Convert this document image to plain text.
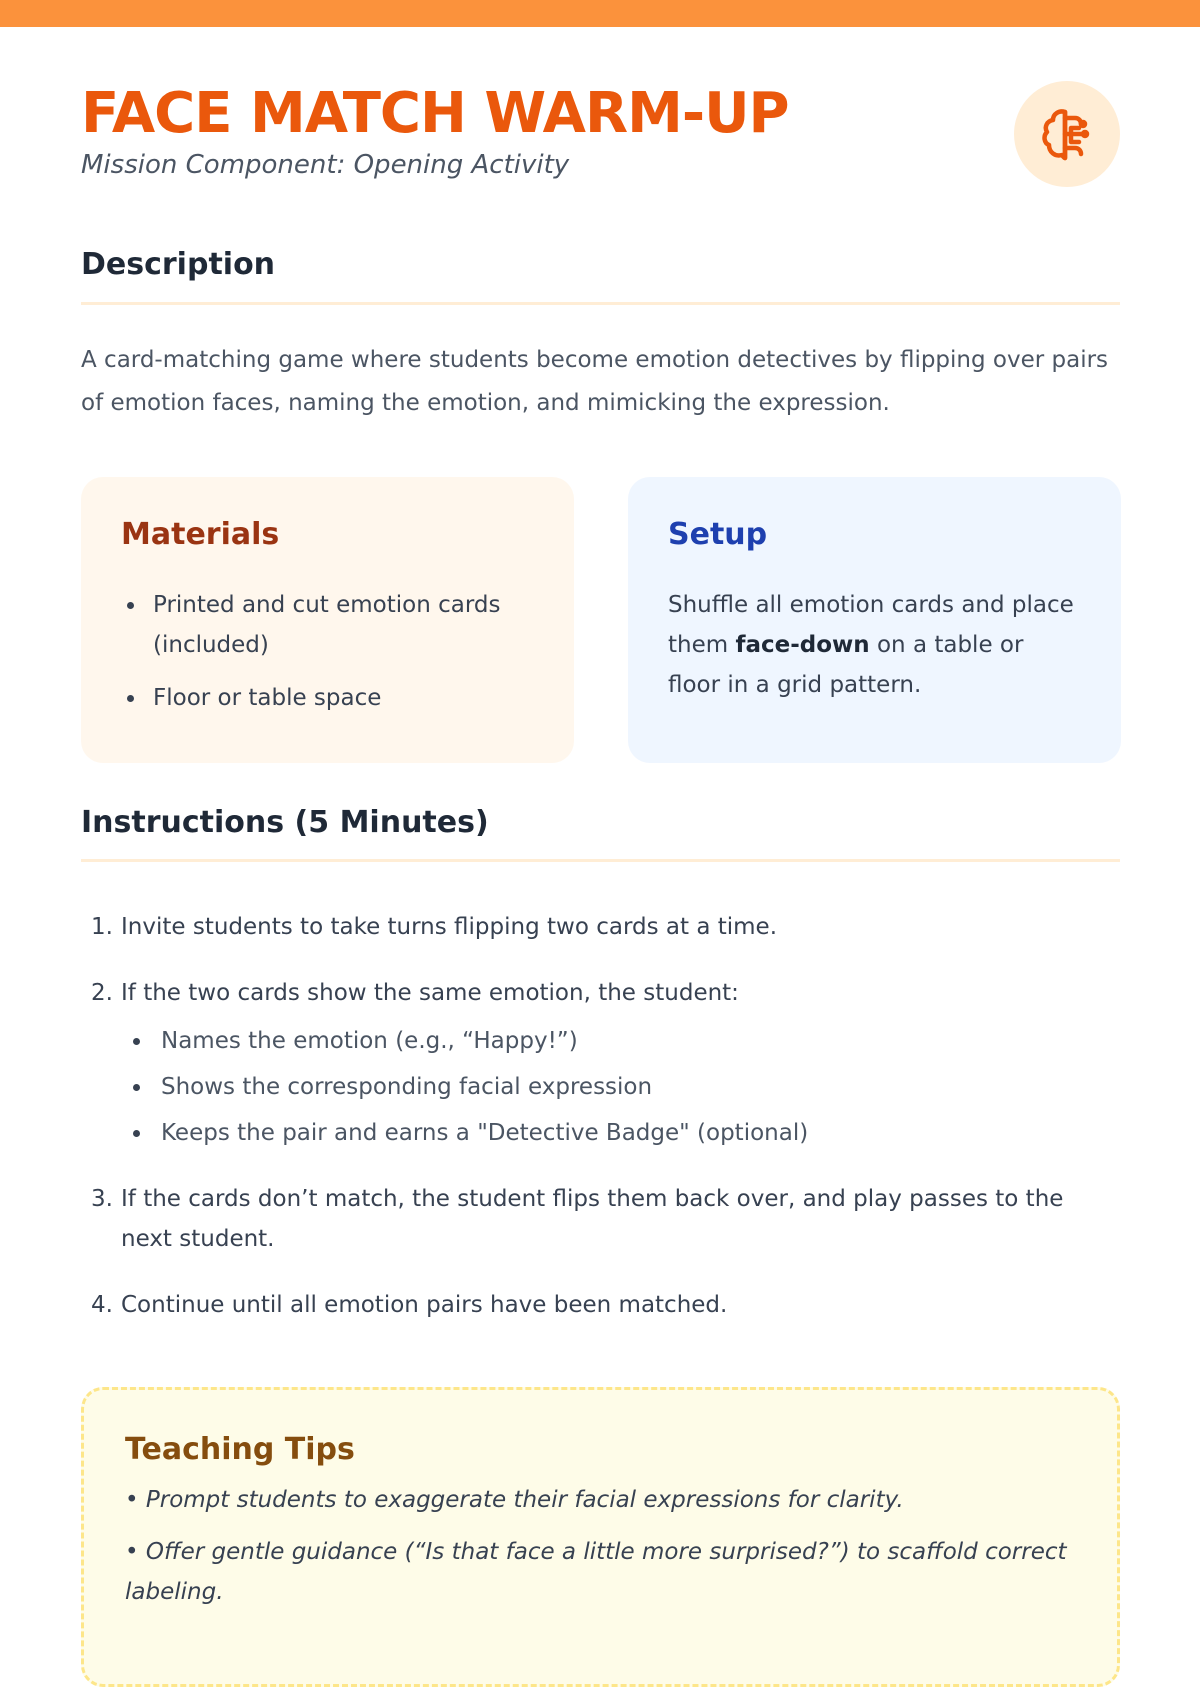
FACE MATCH WARM-UP

Mission Component: Opening Activity

Description

A card-matching game where students become emotion detectives by flipping over pairs of emotion faces, naming the emotion, and mimicking the expression.

Materials
Printed and cut emotion cards (included)
Floor or table space
Setup

Shuffle all emotion cards and place them face-down on a table or floor in a grid pattern.

Instructions (5 Minutes)
1. Invite students to take turns flipping two cards at a time.
2. If the two cards show the same emotion, the student:
Names the emotion (e.g., “Happy!”)
Shows the corresponding facial expression
Keeps the pair and earns a "Detective Badge" (optional)
3. If the cards don’t match, the student flips them back over, and play passes to the next student.
4. Continue until all emotion pairs have been matched.
Teaching Tips
• Prompt students to exaggerate their facial expressions for clarity.
• Offer gentle guidance (“Is that face a little more surprised?”) to scaffold correct labeling.
